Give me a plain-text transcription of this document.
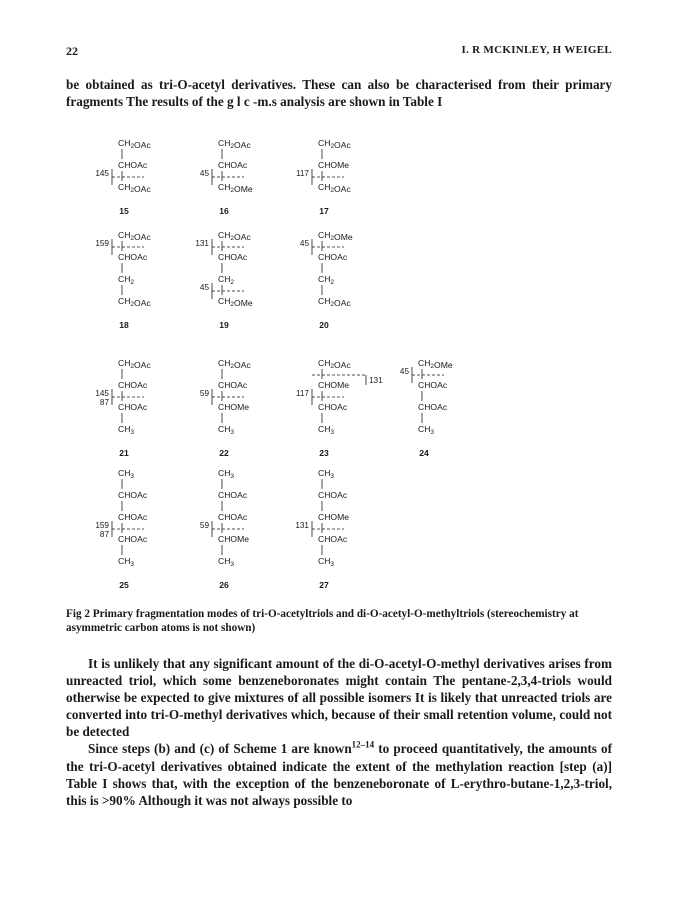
22	I. R MCKINLEY, H WEIGEL

be obtained as tri-O-acetyl derivatives. These can also be characterised from their primary fragments The results of the g l c -m.s analysis are shown in Table I

$CH_2OAc$
CHOAc
$CH_2OAc$
145
15
$CH_2OAc$
CHOAc
$CH_2OMe$
45
16
$CH_2OAc$
CHOMe
$CH_2OAc$
117
17
$CH_2OAc$
CHOAc
$CH_2$
$CH_2OAc$
159
18
$CH_2OAc$
CHOAc
$CH_2$
$CH_2OMe$
131
45
19
$CH_2OMe$
CHOAc
$CH_2$
$CH_2OAc$
45
20
$CH_2OAc$
CHOAc
CHOAc
$CH_3$
145
87
21
$CH_2OAc$
CHOAc
CHOMe
$CH_3$
59
22
$CH_2OAc$
CHOMe
CHOAc
$CH_3$
131
117
23
$CH_2OMe$
CHOAc
CHOAc
$CH_3$
45
24
$CH_3$
CHOAc
CHOAc
CHOAc
$CH_3$
159
87
25
$CH_3$
CHOAc
CHOAc
CHOMe
$CH_3$
59
26
$CH_3$
CHOAc
CHOMe
CHOAc
$CH_3$
131
27
Fig 2 Primary fragmentation modes of tri-O-acetyltriols and di-O-acetyl-O-methyltriols (stereochemistry at asymmetric carbon atoms is not shown)

It is unlikely that any significant amount of the di-O-acetyl-O-methyl derivatives arises from unreacted triol, which some benzeneboronates might contain The pentane-2,3,4-triols would otherwise be expected to give mixtures of all possible isomers It is likely that unreacted triols are converted into tri-O-methyl derivatives which, because of their small retention volume, could not be detected

Since steps (b) and (c) of Scheme 1 are known$^{12-14}$ to proceed quantitatively, the amounts of the tri-O-acetyl derivatives obtained indicate the extent of the methylation reaction [step (a)] Table I shows that, with the exception of the benzeneboronate of L-erythro-butane-1,2,3-triol, this is >90% Although it was not always possible to
